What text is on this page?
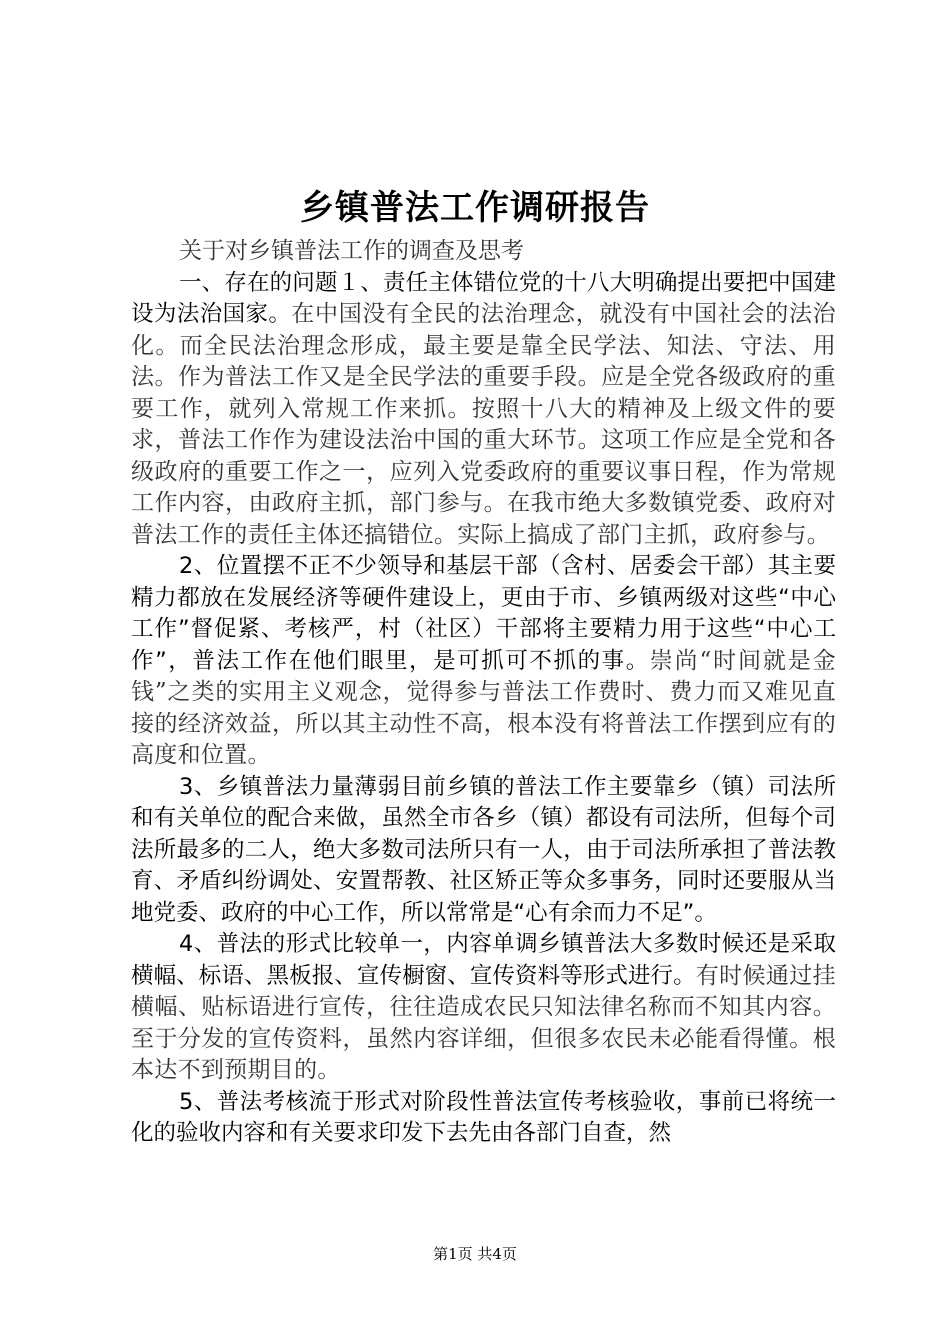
乡镇普法工作调研报告

关于对乡镇普法工作的调查及思考

一、存在的问题１、责任主体错位党的十八大明确提出要把中国建设为法治国家。在中国没有全民的法治理念，就没有中国社会的法治化。而全民法治理念形成，最主要是靠全民学法、知法、守法、用法。作为普法工作又是全民学法的重要手段。应是全党各级政府的重要工作，就列入常规工作来抓。按照十八大的精神及上级文件的要求，普法工作作为建设法治中国的重大环节。这项工作应是全党和各级政府的重要工作之一，应列入党委政府的重要议事日程，作为常规工作内容，由政府主抓，部门参与。在我市绝大多数镇党委、政府对普法工作的责任主体还搞错位。实际上搞成了部门主抓，政府参与。

2、位置摆不正不少领导和基层干部（含村、居委会干部）其主要精力都放在发展经济等硬件建设上，更由于市、乡镇两级对这些“中心工作”督促紧、考核严，村（社区）干部将主要精力用于这些“中心工作”，普法工作在他们眼里，是可抓可不抓的事。崇尚“时间就是金钱”之类的实用主义观念，觉得参与普法工作费时、费力而又难见直接的经济效益，所以其主动性不高，根本没有将普法工作摆到应有的高度和位置。

3、乡镇普法力量薄弱目前乡镇的普法工作主要靠乡（镇）司法所和有关单位的配合来做，虽然全市各乡（镇）都设有司法所，但每个司法所最多的二人，绝大多数司法所只有一人，由于司法所承担了普法教育、矛盾纠纷调处、安置帮教、社区矫正等众多事务，同时还要服从当地党委、政府的中心工作，所以常常是“心有余而力不足”。

4、普法的形式比较单一，内容单调乡镇普法大多数时候还是采取横幅、标语、黑板报、宣传橱窗、宣传资料等形式进行。有时候通过挂横幅、贴标语进行宣传，往往造成农民只知法律名称而不知其内容。至于分发的宣传资料，虽然内容详细，但很多农民未必能看得懂。根本达不到预期目的。

5、普法考核流于形式对阶段性普法宣传考核验收，事前已将统一化的验收内容和有关要求印发下去先由各部门自查，然

第1页 共4页
